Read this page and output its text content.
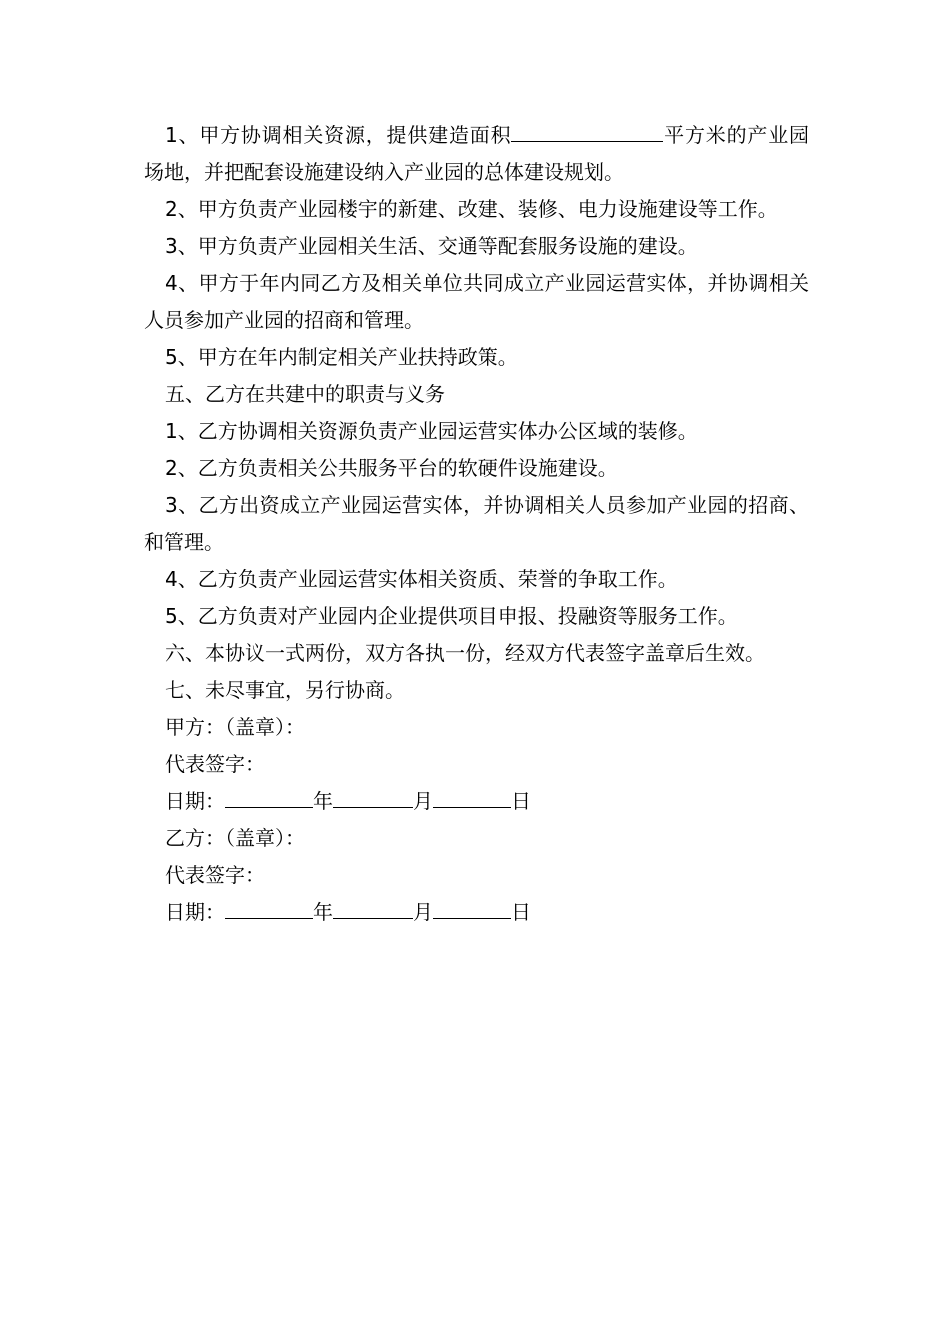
1、甲方协调相关资源，提供建造面积	平方米的产业园场地，并把配套设施建设纳入产业园的总体建设规划。

2、甲方负责产业园楼宇的新建、改建、装修、电力设施建设等工作。

3、甲方负责产业园相关生活、交通等配套服务设施的建设。

4、甲方于年内同乙方及相关单位共同成立产业园运营实体，并协调相关人员参加产业园的招商和管理。

5、甲方在年内制定相关产业扶持政策。

五、乙方在共建中的职责与义务

1、乙方协调相关资源负责产业园运营实体办公区域的装修。

2、乙方负责相关公共服务平台的软硬件设施建设。

3、乙方出资成立产业园运营实体，并协调相关人员参加产业园的招商、和管理。

4、乙方负责产业园运营实体相关资质、荣誉的争取工作。

5、乙方负责对产业园内企业提供项目申报、投融资等服务工作。

六、本协议一式两份，双方各执一份，经双方代表签字盖章后生效。

七、未尽事宜，另行协商。

甲方：（盖章）：

代表签字：

日期：	年	月	日

乙方：（盖章）：

代表签字：

日期：	年	月	日
